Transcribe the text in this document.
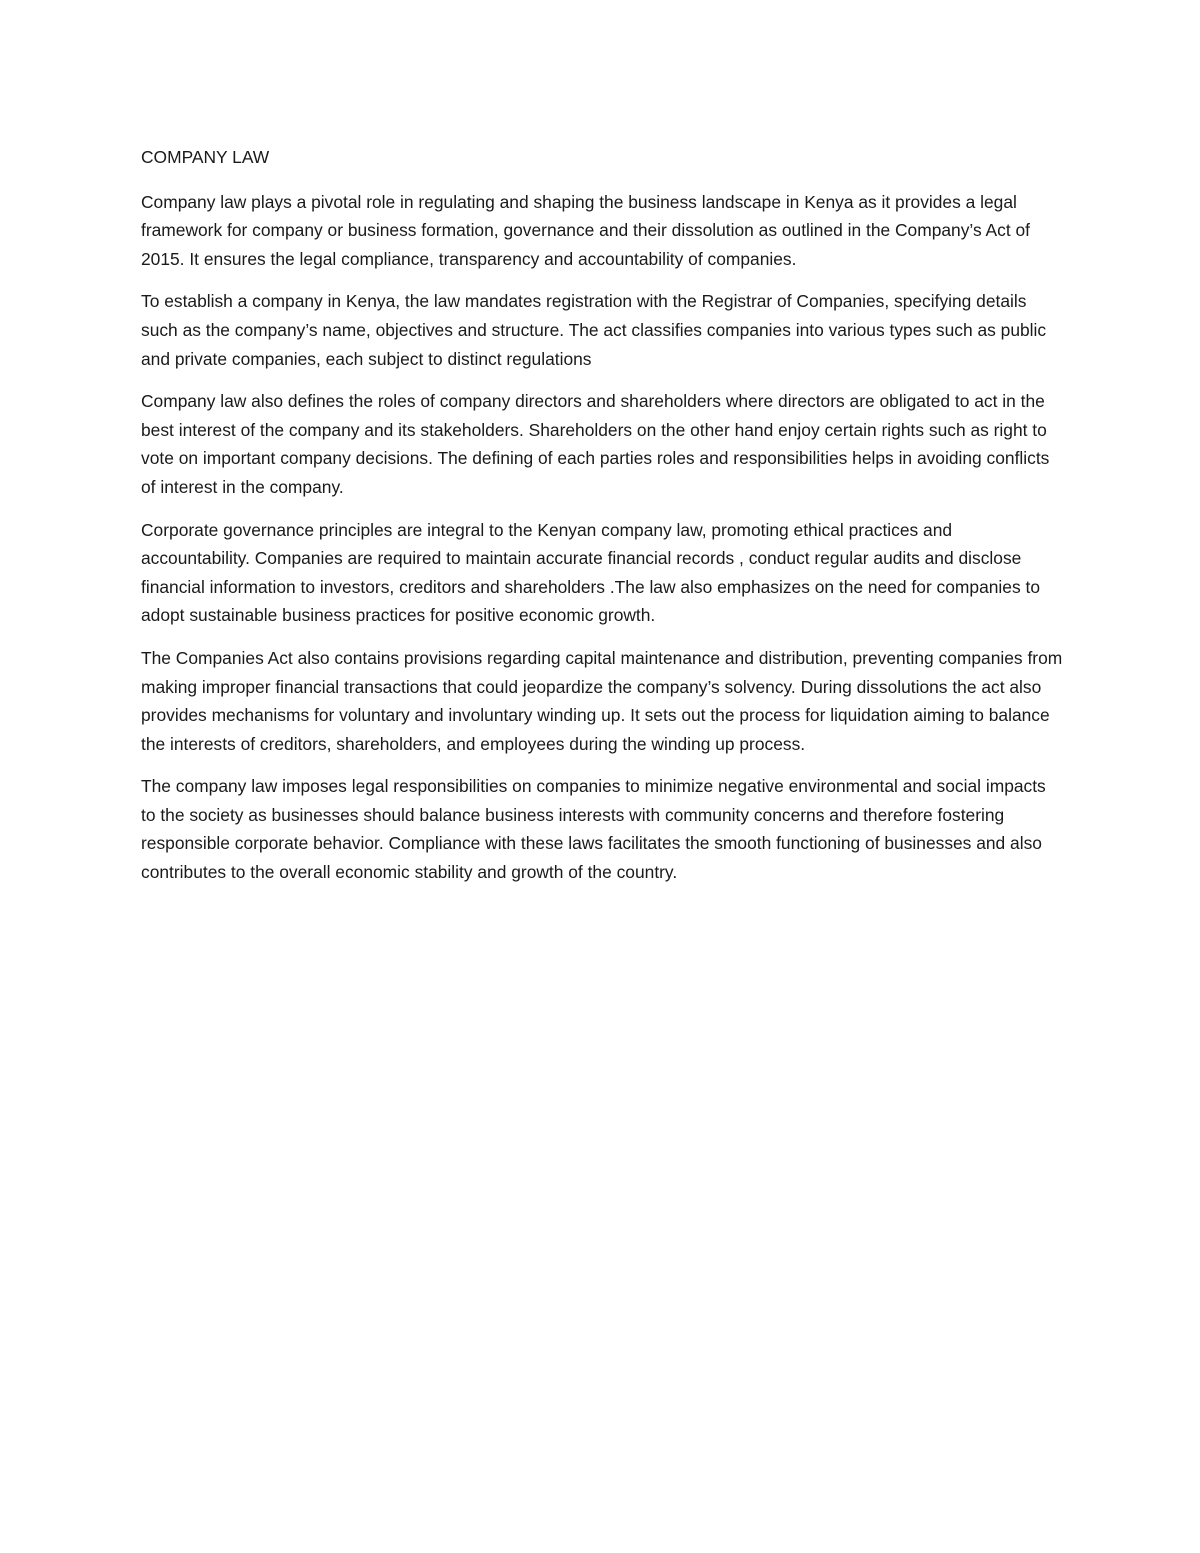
COMPANY LAW

Company law plays a pivotal role in regulating and shaping the business landscape in Kenya as it provides a legal framework for company or business formation, governance and their dissolution as outlined in the Company’s Act of 2015. It ensures the legal compliance, transparency and accountability of companies.

To establish a company in Kenya, the law mandates registration with the Registrar of Companies, specifying details such as the company’s name, objectives and structure. The act classifies companies into various types such as public and private companies, each subject to distinct regulations

Company law also defines the roles of company directors and shareholders where directors are obligated to act in the best interest of the company and its stakeholders. Shareholders on the other hand enjoy certain rights such as right to vote on important company decisions. The defining of each parties roles and responsibilities helps in avoiding conflicts of interest in the company.

Corporate governance principles are integral to the Kenyan company law, promoting ethical practices and accountability. Companies are required to maintain accurate financial records , conduct regular audits and disclose financial information to investors, creditors and shareholders .The law also emphasizes on the need for companies to adopt sustainable business practices for positive economic growth.

The Companies Act also contains provisions regarding capital maintenance and distribution, preventing companies from making improper financial transactions that could jeopardize the company’s solvency. During dissolutions the act also provides mechanisms for voluntary and involuntary winding up. It sets out the process for liquidation aiming to balance the interests of creditors, shareholders, and employees during the winding up process.

The company law imposes legal responsibilities on companies to minimize negative environmental and social impacts to the society as businesses should balance business interests with community concerns and therefore fostering responsible corporate behavior. Compliance with these laws facilitates the smooth functioning of businesses and also contributes to the overall economic stability and growth of the country.
